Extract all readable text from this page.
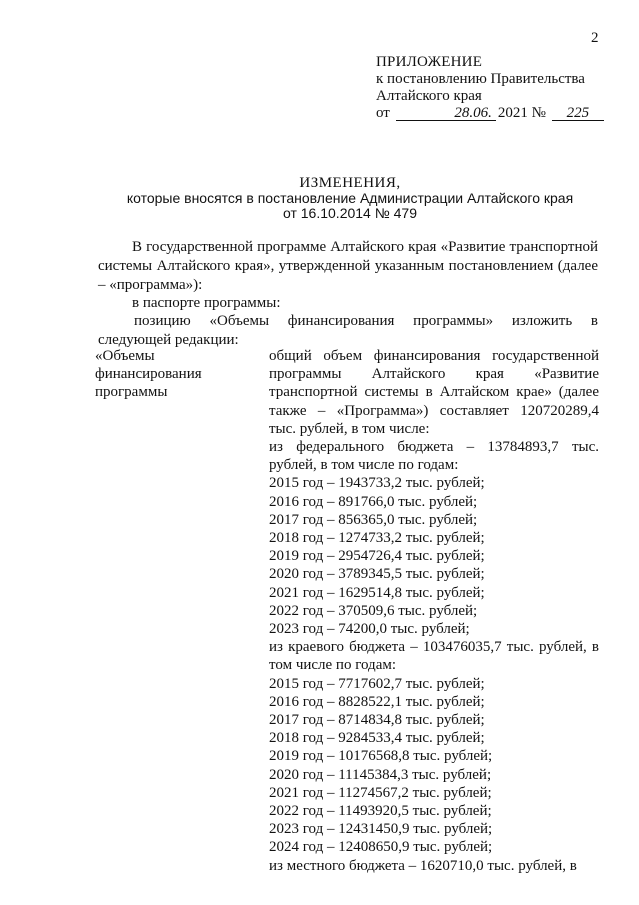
2
ПРИЛОЖЕНИЕ
к постановлению Правительства
Алтайского края
от	28.06. 2021 № 225
ИЗМЕНЕНИЯ,
которые вносятся в постановление Администрации Алтайского края
от 16.10.2014 № 479
В государственной программе Алтайского края «Развитие транспортной системы Алтайского края», утвержденной указанным постановлением (далее – «программа»):
в паспорте программы:
позицию «Объемы финансирования программы» изложить в следующей редакции:
«Объемы финансирования программы
общий объем финансирования государственной программы Алтайского края «Развитие транспортной системы в Алтайском крае» (далее также – «Программа») составляет 120720289,4 тыс. рублей, в том числе:
из федерального бюджета – 13784893,7 тыс. рублей, в том числе по годам:
2015 год – 1943733,2 тыс. рублей;
2016 год – 891766,0 тыс. рублей;
2017 год – 856365,0 тыс. рублей;
2018 год – 1274733,2 тыс. рублей;
2019 год – 2954726,4 тыс. рублей;
2020 год – 3789345,5 тыс. рублей;
2021 год – 1629514,8 тыс. рублей;
2022 год – 370509,6 тыс. рублей;
2023 год – 74200,0 тыс. рублей;
из краевого бюджета – 103476035,7 тыс. рублей, в том числе по годам:
2015 год – 7717602,7 тыс. рублей;
2016 год – 8828522,1 тыс. рублей;
2017 год – 8714834,8 тыс. рублей;
2018 год – 9284533,4 тыс. рублей;
2019 год – 10176568,8 тыс. рублей;
2020 год – 11145384,3 тыс. рублей;
2021 год – 11274567,2 тыс. рублей;
2022 год – 11493920,5 тыс. рублей;
2023 год – 12431450,9 тыс. рублей;
2024 год – 12408650,9 тыс. рублей;
из местного бюджета – 1620710,0 тыс. рублей, в
